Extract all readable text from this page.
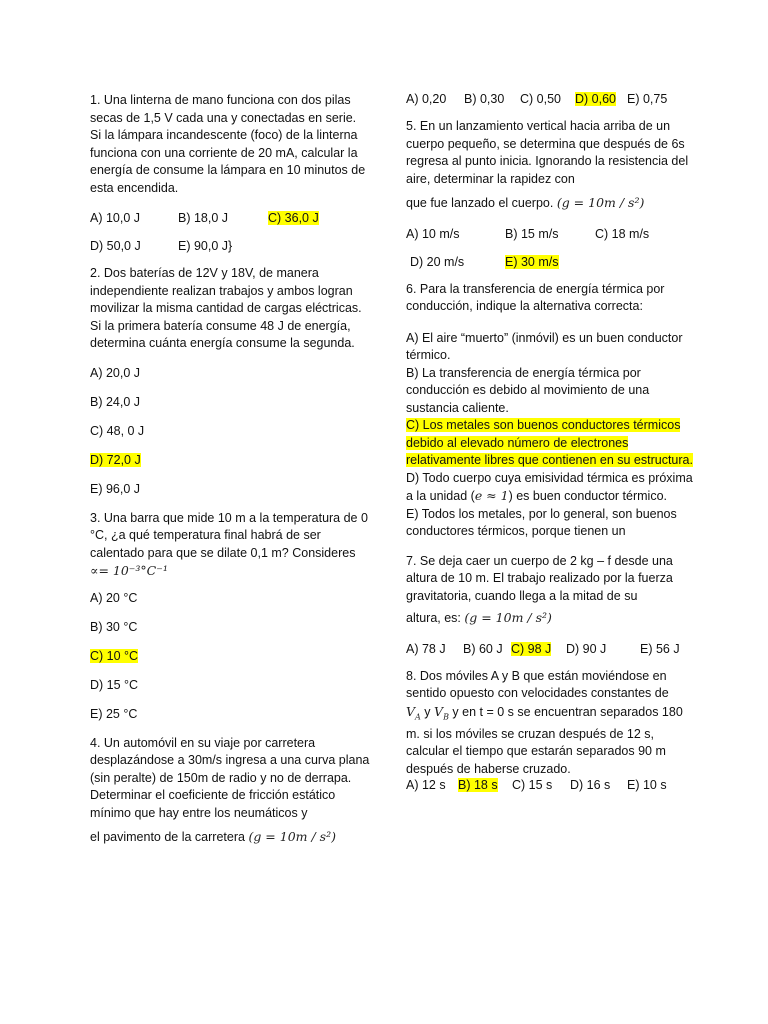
1. Una linterna de mano funciona con dos pilas secas de 1,5 V cada una y conectadas en serie. Si la lámpara incandescente (foco) de la linterna funciona con una corriente de 20 mA, calcular la energía de consume la lámpara en 10 minutos de esta encendida.

A) 10,0 J	B) 18,0 J	C) 36,0 J
D) 50,0 J	E) 90,0 J}

2. Dos baterías de 12V y 18V, de manera independiente realizan trabajos y ambos logran movilizar la misma cantidad de cargas eléctricas. Si la primera batería consume 48 J de energía, determina cuánta energía consume la segunda.

A) 20,0 J

B) 24,0 J

C) 48, 0 J

D) 72,0 J

E) 96,0 J

3. Una barra que mide 10 m a la temperatura de 0 °C, ¿a qué temperatura final habrá de ser calentado para que se dilate 0,1 m? Consideres

∝= 10⁻³°C⁻¹

A) 20 °C

B) 30 °C

C) 10 °C

D) 15 °C

E) 25 °C

4. Un automóvil en su viaje por carretera desplazándose a 30m/s ingresa a una curva plana (sin peralte) de 150m de radio y no de derrapa. Determinar el coeficiente de fricción estático mínimo que hay entre los neumáticos y

el pavimento de la carretera (g = 10m / s²)

A) 0,20	B) 0,30	C) 0,50	D) 0,60 E) 0,75

5. En un lanzamiento vertical hacia arriba de un cuerpo pequeño, se determina que después de 6s regresa al punto inicia. Ignorando la resistencia del aire, determinar la rapidez con

que fue lanzado el cuerpo. (g = 10m / s²)

A) 10 m/s	B) 15 m/s	C) 18 m/s
D) 20 m/s	E) 30 m/s

6. Para la transferencia de energía térmica por conducción, indique la alternativa correcta:

A) El aire “muerto” (inmóvil) es un buen conductor térmico.

B) La transferencia de energía térmica por conducción es debido al movimiento de una sustancia caliente.

C) Los metales son buenos conductores térmicos debido al elevado número de electrones relativamente libres que contienen en su estructura.

D) Todo cuerpo cuya emisividad térmica es próxima a la unidad (e ≈ 1) es buen conductor térmico.

E) Todos los metales, por lo general, son buenos conductores térmicos, porque tienen un

7. Se deja caer un cuerpo de 2 kg – f desde una altura de 10 m. El trabajo realizado por la fuerza gravitatoria, cuando llega a la mitad de su

altura, es: (g = 10m / s²)

A) 78 J	B) 60 J C) 98 J	D) 90 J	E) 56 J

8. Dos móviles A y B que están moviéndose en sentido opuesto con velocidades constantes de

$V_A$ y $V_B$ y en t = 0 s se encuentran separados 180 m. si los móviles se cruzan después de 12 s, calcular el tiempo que estarán separados 90 m después de haberse cruzado.

A) 12 s B) 18 s	C) 15 s	D) 16 s	E) 10 s
